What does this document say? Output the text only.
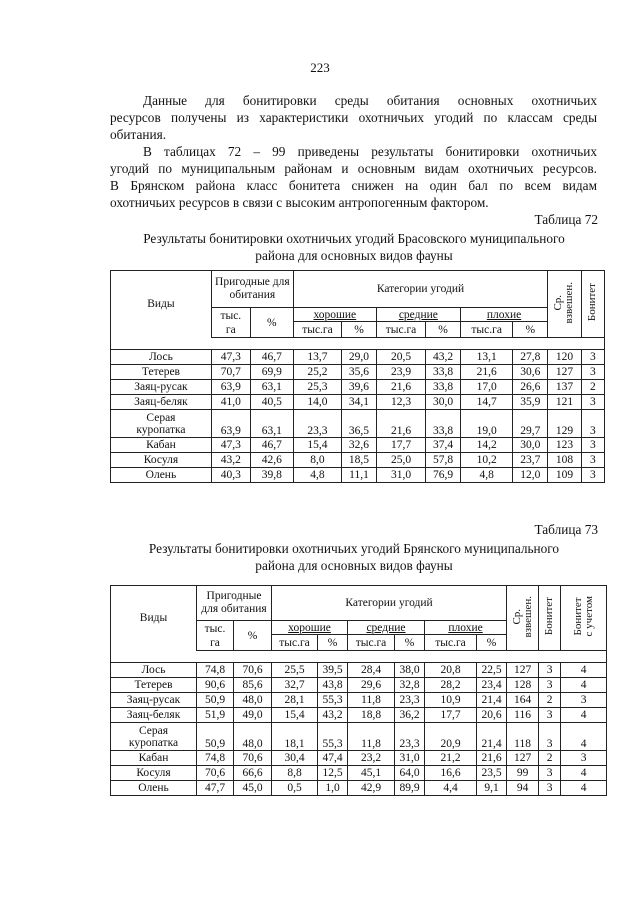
223
Данные для бонитировки среды обитания основных охотничьих
ресурсов получены из характеристики охотничьих угодий по классам среды
обитания.
В таблицах 72 – 99 приведены результаты бонитировки охотничьих
угодий по муниципальным районам и основным видам охотничьих ресурсов.
В Брянском района класс бонитета снижен на один бал по всем видам
охотничьих ресурсов в связи с высоким антропогенным фактором.
Таблица 72
Результаты бонитировки охотничьих угодий Брасовского муниципального
района для основных видов фауны
Виды	Пригодные для обитания		Категории угодий						Ср. взвешен.	Бонитет
	тыс.
га	%	хорошие		средние		плохие			
			тыс.га	%	тыс.га	%	тыс.га	%		

Лось	47,3	46,7	13,7	29,0	20,5	43,2	13,1	27,8	120	3
Тетерев	70,7	69,9	25,2	35,6	23,9	33,8	21,6	30,6	127	3
Заяц-русак	63,9	63,1	25,3	39,6	21,6	33,8	17,0	26,6	137	2
Заяц-беляк	41,0	40,5	14,0	34,1	12,3	30,0	14,7	35,9	121	3
Серая
куропатка	63,9	63,1	23,3	36,5	21,6	33,8	19,0	29,7	129	3
Кабан	47,3	46,7	15,4	32,6	17,7	37,4	14,2	30,0	123	3
Косуля	43,2	42,6	8,0	18,5	25,0	57,8	10,2	23,7	108	3
Олень	40,3	39,8	4,8	11,1	31,0	76,9	4,8	12,0	109	3
Таблица 73
Результаты бонитировки охотничьих угодий Брянского муниципального
района для основных видов фауны
Виды	Пригодные для обитания		Категории угодий						Ср. взвешен.	Бонитет	Бонитет с учетом

	тыс.
га	%	хорошие		средние		плохие				
			тыс.га	%	тыс.га	%	тыс.га	%			

Лось	74,8	70,6	25,5	39,5	28,4	38,0	20,8	22,5	127	3	4
Тетерев	90,6	85,6	32,7	43,8	29,6	32,8	28,2	23,4	128	3	4
Заяц-русак	50,9	48,0	28,1	55,3	11,8	23,3	10,9	21,4	164	2	3
Заяц-беляк	51,9	49,0	15,4	43,2	18,8	36,2	17,7	20,6	116	3	4
Серая
куропатка	50,9	48,0	18,1	55,3	11,8	23,3	20,9	21,4	118	3	4
Кабан	74,8	70,6	30,4	47,4	23,2	31,0	21,2	21,6	127	2	3
Косуля	70,6	66,6	8,8	12,5	45,1	64,0	16,6	23,5	99	3	4
Олень	47,7	45,0	0,5	1,0	42,9	89,9	4,4	9,1	94	3	4
